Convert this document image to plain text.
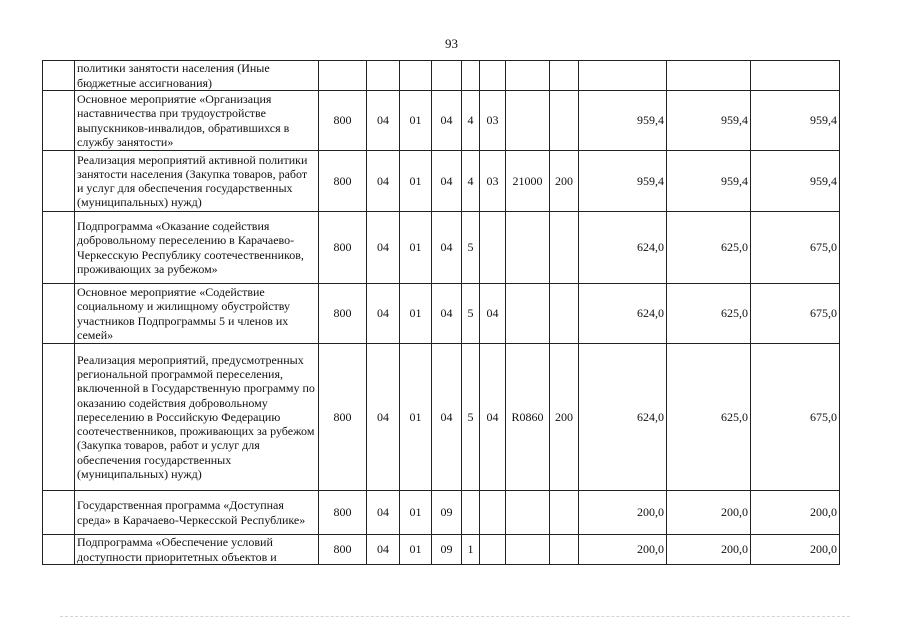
93
	политики занятости населения (Иные бюджетные ассигнования)											
	Основное мероприятие «Организация наставничества при трудоустройстве выпускников-инвалидов, обратившихся в службу занятости»	800	04	01	04	4	03			959,4	959,4	959,4
	Реализация мероприятий активной политики занятости населения (Закупка товаров, работ и услуг для обеспечения государственных (муниципальных) нужд)	800	04	01	04	4	03	21000	200	959,4	959,4	959,4
	Подпрограмма «Оказание содействия добровольному переселению в Карачаево-Черкесскую Республику соотечественников, проживающих за рубежом»	800	04	01	04	5				624,0	625,0	675,0
	Основное мероприятие «Содействие социальному и жилищному обустройству участников Подпрограммы 5 и членов их семей»	800	04	01	04	5	04			624,0	625,0	675,0
	Реализация мероприятий, предусмотренных региональной программой переселения, включенной в Государственную программу по оказанию содействия добровольному переселению в Российскую Федерацию соотечественников, проживающих за рубежом (Закупка товаров, работ и услуг для обеспечения государственных (муниципальных) нужд)	800	04	01	04	5	04	R0860	200	624,0	625,0	675,0
	Государственная программа «Доступная среда» в Карачаево-Черкесской Республике»	800	04	01	09					200,0	200,0	200,0
	Подпрограмма «Обеспечение условий доступности приоритетных объектов и	800	04	01	09	1				200,0	200,0	200,0
